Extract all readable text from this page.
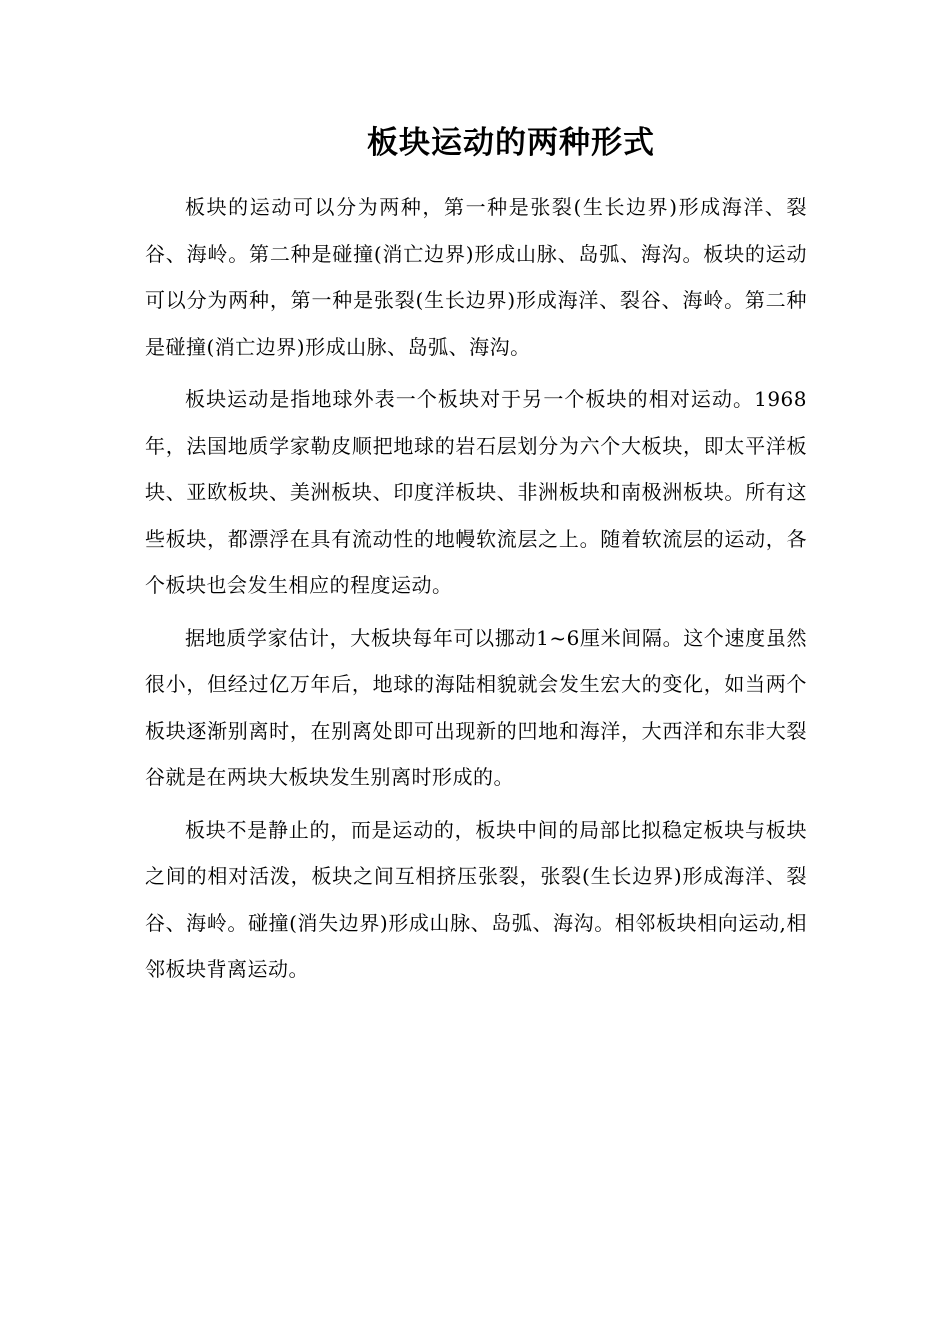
板块运动的两种形式

板块的运动可以分为两种，第一种是张裂(生长边界)形成海洋、裂谷、海岭。第二种是碰撞(消亡边界)形成山脉、岛弧、海沟。板块的运动可以分为两种，第一种是张裂(生长边界)形成海洋、裂谷、海岭。第二种是碰撞(消亡边界)形成山脉、岛弧、海沟。

板块运动是指地球外表一个板块对于另一个板块的相对运动。1968年，法国地质学家勒皮顺把地球的岩石层划分为六个大板块，即太平洋板块、亚欧板块、美洲板块、印度洋板块、非洲板块和南极洲板块。所有这些板块，都漂浮在具有流动性的地幔软流层之上。随着软流层的运动，各个板块也会发生相应的程度运动。

据地质学家估计，大板块每年可以挪动1~6厘米间隔。这个速度虽然很小，但经过亿万年后，地球的海陆相貌就会发生宏大的变化，如当两个板块逐渐别离时，在别离处即可出现新的凹地和海洋，大西洋和东非大裂谷就是在两块大板块发生别离时形成的。

板块不是静止的，而是运动的，板块中间的局部比拟稳定板块与板块之间的相对活泼，板块之间互相挤压张裂，张裂(生长边界)形成海洋、裂谷、海岭。碰撞(消失边界)形成山脉、岛弧、海沟。相邻板块相向运动,相邻板块背离运动。
